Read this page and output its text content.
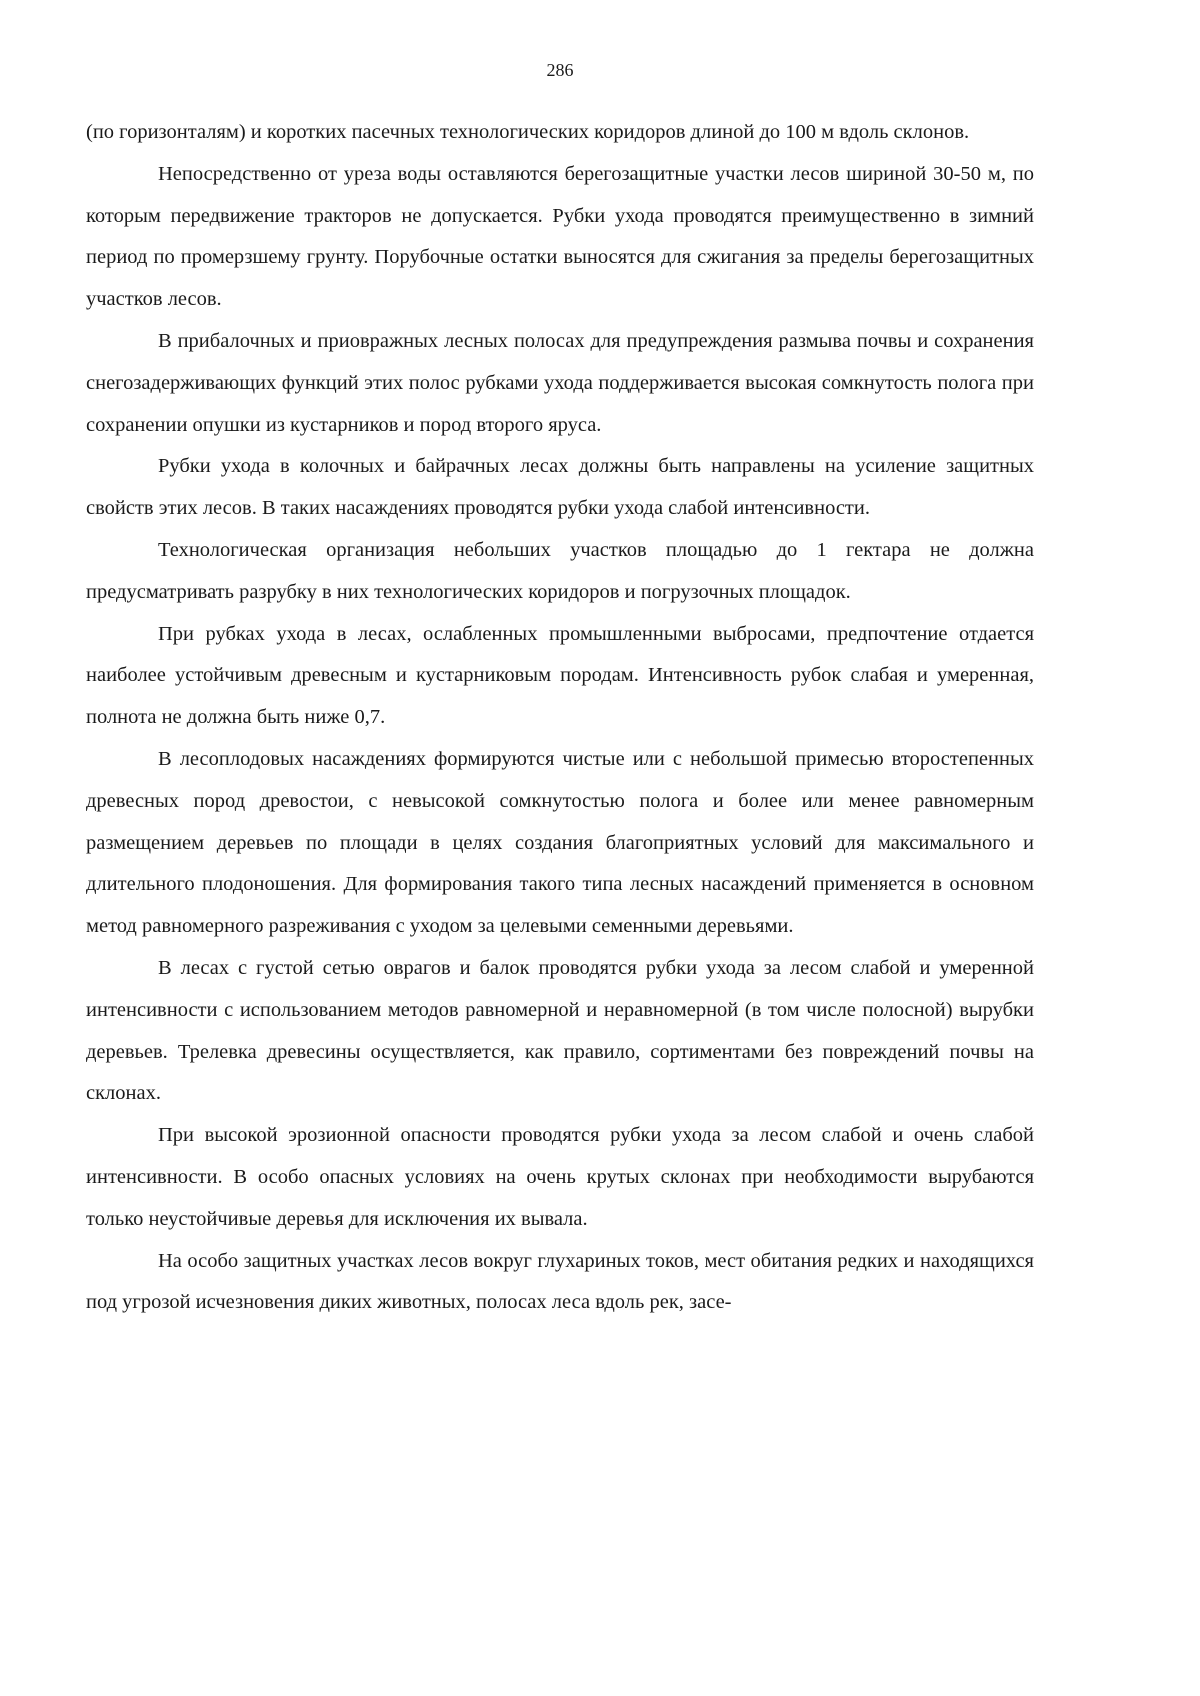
286

(по горизонталям) и коротких пасечных технологических коридоров длиной до 100 м вдоль склонов.

Непосредственно от уреза воды оставляются берегозащитные участки лесов шириной 30-50 м, по которым передвижение тракторов не допускается. Рубки ухода проводятся преимущественно в зимний период по промерзшему грунту. Порубочные остатки выносятся для сжигания за пределы берегозащитных участков лесов.

В прибалочных и приовражных лесных полосах для предупреждения размыва почвы и сохранения снегозадерживающих функций этих полос рубками ухода поддерживается высокая сомкнутость полога при сохранении опушки из кустарников и пород второго яруса.

Рубки ухода в колочных и байрачных лесах должны быть направлены на усиление защитных свойств этих лесов. В таких насаждениях проводятся рубки ухода слабой интенсивности.

Технологическая организация небольших участков площадью до 1 гектара не должна предусматривать разрубку в них технологических коридоров и погрузочных площадок.

При рубках ухода в лесах, ослабленных промышленными выбросами, предпочтение отдается наиболее устойчивым древесным и кустарниковым породам. Интенсивность рубок слабая и умеренная, полнота не должна быть ниже 0,7.

В лесоплодовых насаждениях формируются чистые или с небольшой примесью второстепенных древесных пород древостои, с невысокой сомкнутостью полога и более или менее равномерным размещением деревьев по площади в целях создания благоприятных условий для максимального и длительного плодоношения. Для формирования такого типа лесных насаждений применяется в основном метод равномерного разреживания с уходом за целевыми семенными деревьями.

В лесах с густой сетью оврагов и балок проводятся рубки ухода за лесом слабой и умеренной интенсивности с использованием методов равномерной и неравномерной (в том числе полосной) вырубки деревьев. Трелевка древесины осуществляется, как правило, сортиментами без повреждений почвы на склонах.

При высокой эрозионной опасности проводятся рубки ухода за лесом слабой и очень слабой интенсивности. В особо опасных условиях на очень крутых склонах при необходимости вырубаются только неустойчивые деревья для исключения их вывала.

На особо защитных участках лесов вокруг глухариных токов, мест обитания редких и находящихся под угрозой исчезновения диких животных, полосах леса вдоль рек, засе-
